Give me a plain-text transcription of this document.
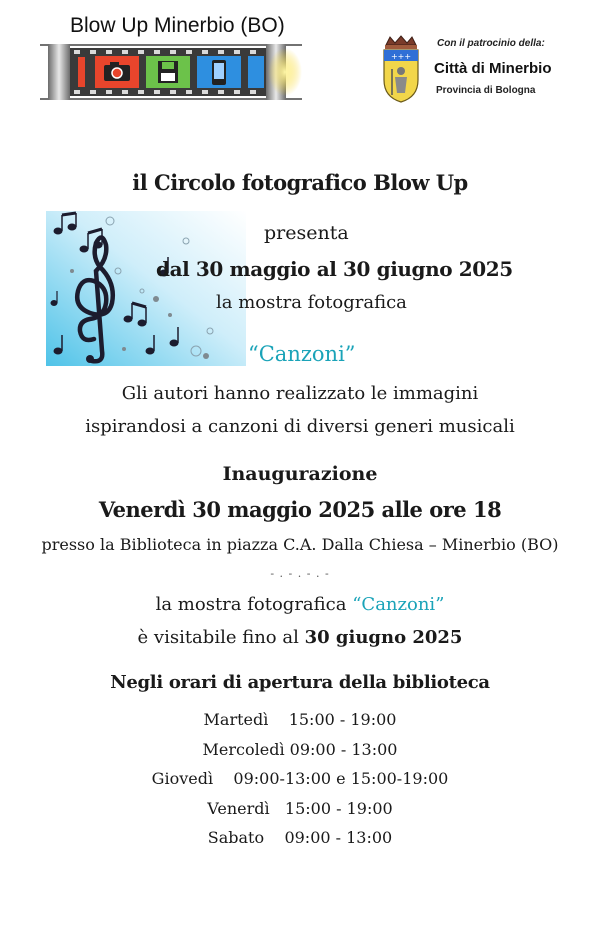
Blow Up Minerbio (BO)
+++
Con il patrocinio della:
Città di Minerbio
Provincia di Bologna
il Circolo fotografico Blow Up
presenta
dal 30 maggio al 30 giugno 2025
la mostra fotografica
“Canzoni”
Gli autori hanno realizzato le immagini
ispirandosi a canzoni di diversi generi musicali
Inaugurazione
Venerdì 30 maggio 2025 alle ore 18
presso la Biblioteca in piazza C.A. Dalla Chiesa – Minerbio (BO)
- . - . - . -
la mostra fotografica “Canzoni”
è visitabile fino al 30 giugno 2025
Negli orari di apertura della biblioteca
Martedì 15:00 - 19:00
Mercoledì 09:00 - 13:00
Giovedì 09:00-13:00 e 15:00-19:00
Venerdì 15:00 - 19:00
Sabato 09:00 - 13:00
